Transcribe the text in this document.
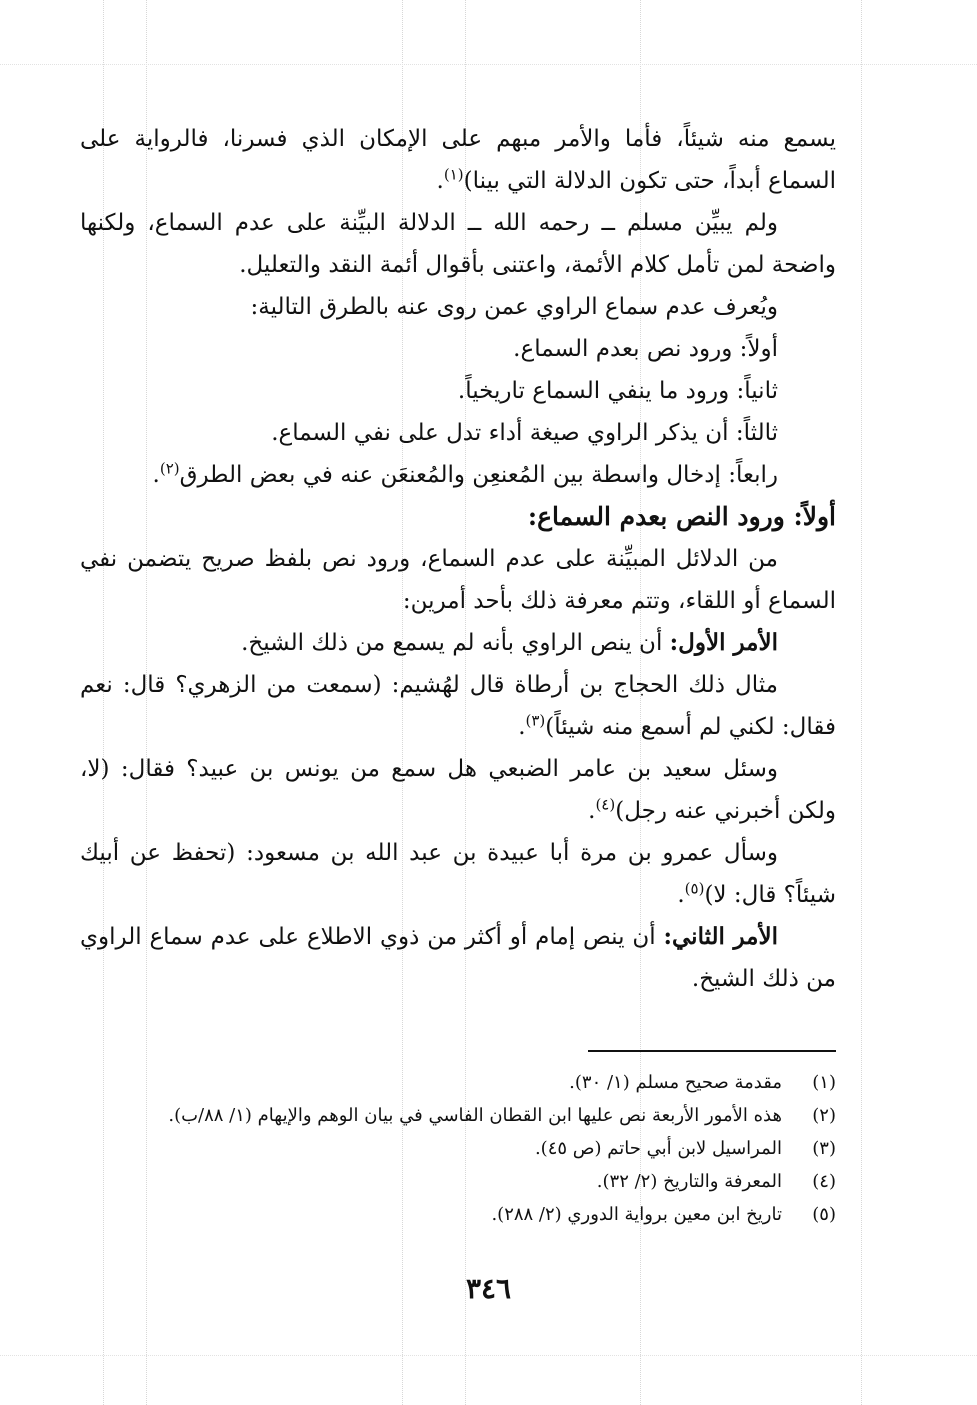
يسمع منه شيئاً، فأما والأمر مبهم على الإمكان الذي فسرنا، فالرواية على السماع أبداً، حتى تكون الدلالة التي بينا)$^{(١)}$.

ولم يبيِّن مسلم ــ رحمه الله ــ الدلالة البيِّنة على عدم السماع، ولكنها واضحة لمن تأمل كلام الأئمة، واعتنى بأقوال أئمة النقد والتعليل.

ويُعرف عدم سماع الراوي عمن روى عنه بالطرق التالية:

أولاً: ورود نص بعدم السماع.

ثانياً: ورود ما ينفي السماع تاريخياً.

ثالثاً: أن يذكر الراوي صيغة أداء تدل على نفي السماع.

رابعاً: إدخال واسطة بين المُعنعِن والمُعنعَن عنه في بعض الطرق$^{(٢)}$.

أولاً: ورود النص بعدم السماع:

من الدلائل المبيِّنة على عدم السماع، ورود نص بلفظ صريح يتضمن نفي السماع أو اللقاء، وتتم معرفة ذلك بأحد أمرين:

الأمر الأول: أن ينص الراوي بأنه لم يسمع من ذلك الشيخ.

مثال ذلك الحجاج بن أرطاة قال لهُشيم: (سمعت من الزهري؟ قال: نعم فقال: لكني لم أسمع منه شيئاً)$^{(٣)}$.

وسئل سعيد بن عامر الضبعي هل سمع من يونس بن عبيد؟ فقال: (لا، ولكن أخبرني عنه رجل)$^{(٤)}$.

وسأل عمرو بن مرة أبا عبيدة بن عبد الله بن مسعود: (تحفظ عن أبيك شيئاً؟ قال: لا)$^{(٥)}$.

الأمر الثاني: أن ينص إمام أو أكثر من ذوي الاطلاع على عدم سماع الراوي من ذلك الشيخ.

(١)
مقدمة صحيح مسلم (١/ ٣٠).
(٢)
هذه الأمور الأربعة نص عليها ابن القطان الفاسي في بيان الوهم والإيهام (١/ ٨٨/ب).
(٣)
المراسيل لابن أبي حاتم (ص ٤٥).
(٤)
المعرفة والتاريخ (٢/ ٣٢).
(٥)
تاريخ ابن معين برواية الدوري (٢/ ٢٨٨).
٣٤٦
